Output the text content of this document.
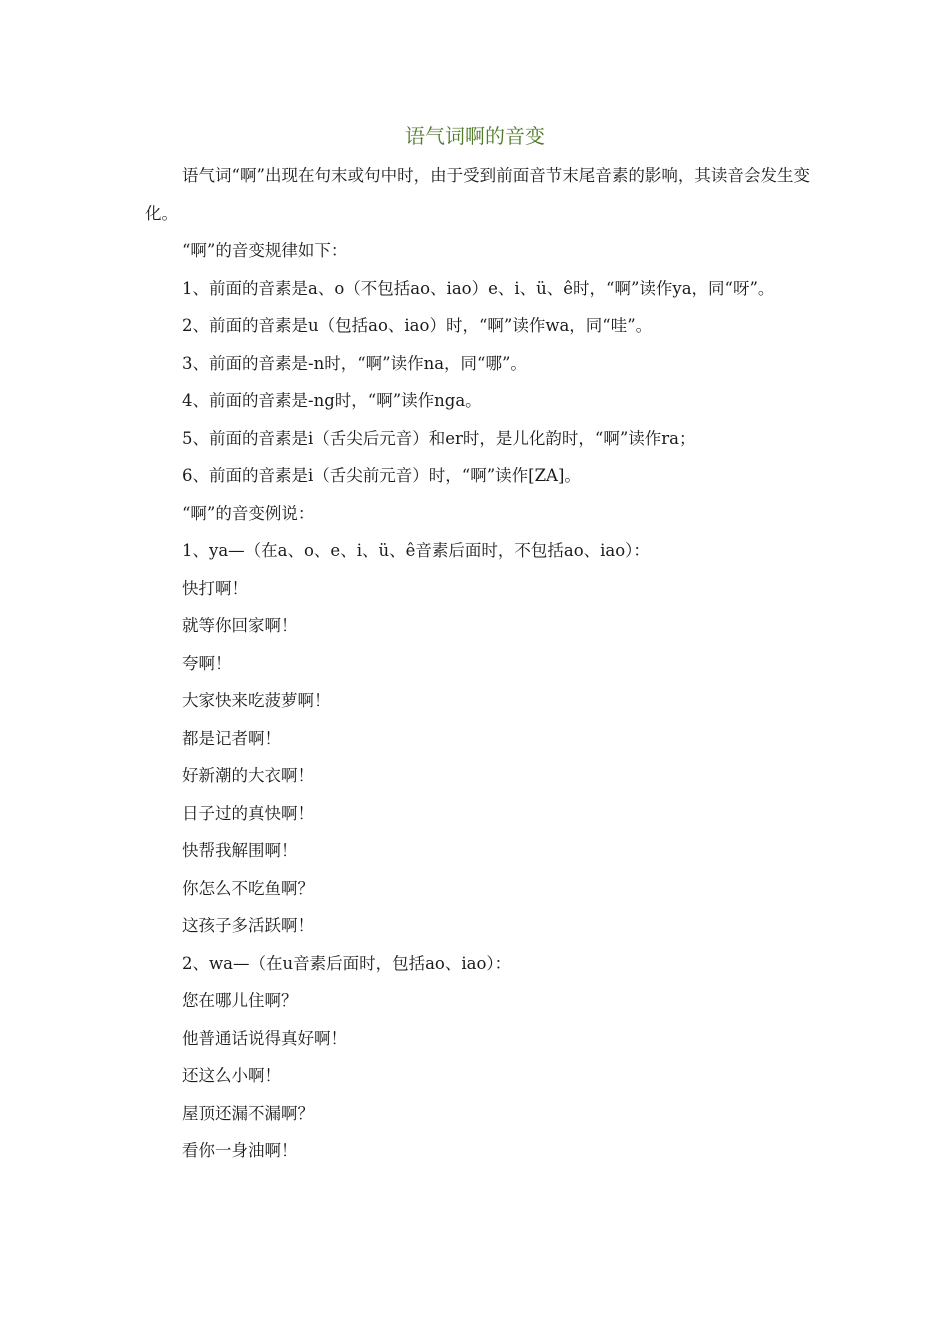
语气词啊的音变

语气词“啊”出现在句末或句中时，由于受到前面音节末尾音素的影响，其读音会发生变化。

“啊”的音变规律如下：

1、前面的音素是a、o（不包括ao、iao）e、i、ü、ê时，“啊”读作ya，同“呀”。

2、前面的音素是u（包括ao、iao）时，“啊”读作wa，同“哇”。

3、前面的音素是-n时，“啊”读作na，同“哪”。

4、前面的音素是-ng时，“啊”读作nga。

5、前面的音素是i（舌尖后元音）和er时，是儿化韵时，“啊”读作ra；

6、前面的音素是i（舌尖前元音）时，“啊”读作[ZA]。

“啊”的音变例说：

1、ya—（在a、o、e、i、ü、ê音素后面时，不包括ao、iao）：

快打啊！

就等你回家啊！

夸啊！

大家快来吃菠萝啊！

都是记者啊！

好新潮的大衣啊！

日子过的真快啊！

快帮我解围啊！

你怎么不吃鱼啊？

这孩子多活跃啊！

2、wa—（在u音素后面时，包括ao、iao）：

您在哪儿住啊？

他普通话说得真好啊！

还这么小啊！

屋顶还漏不漏啊？

看你一身油啊！
